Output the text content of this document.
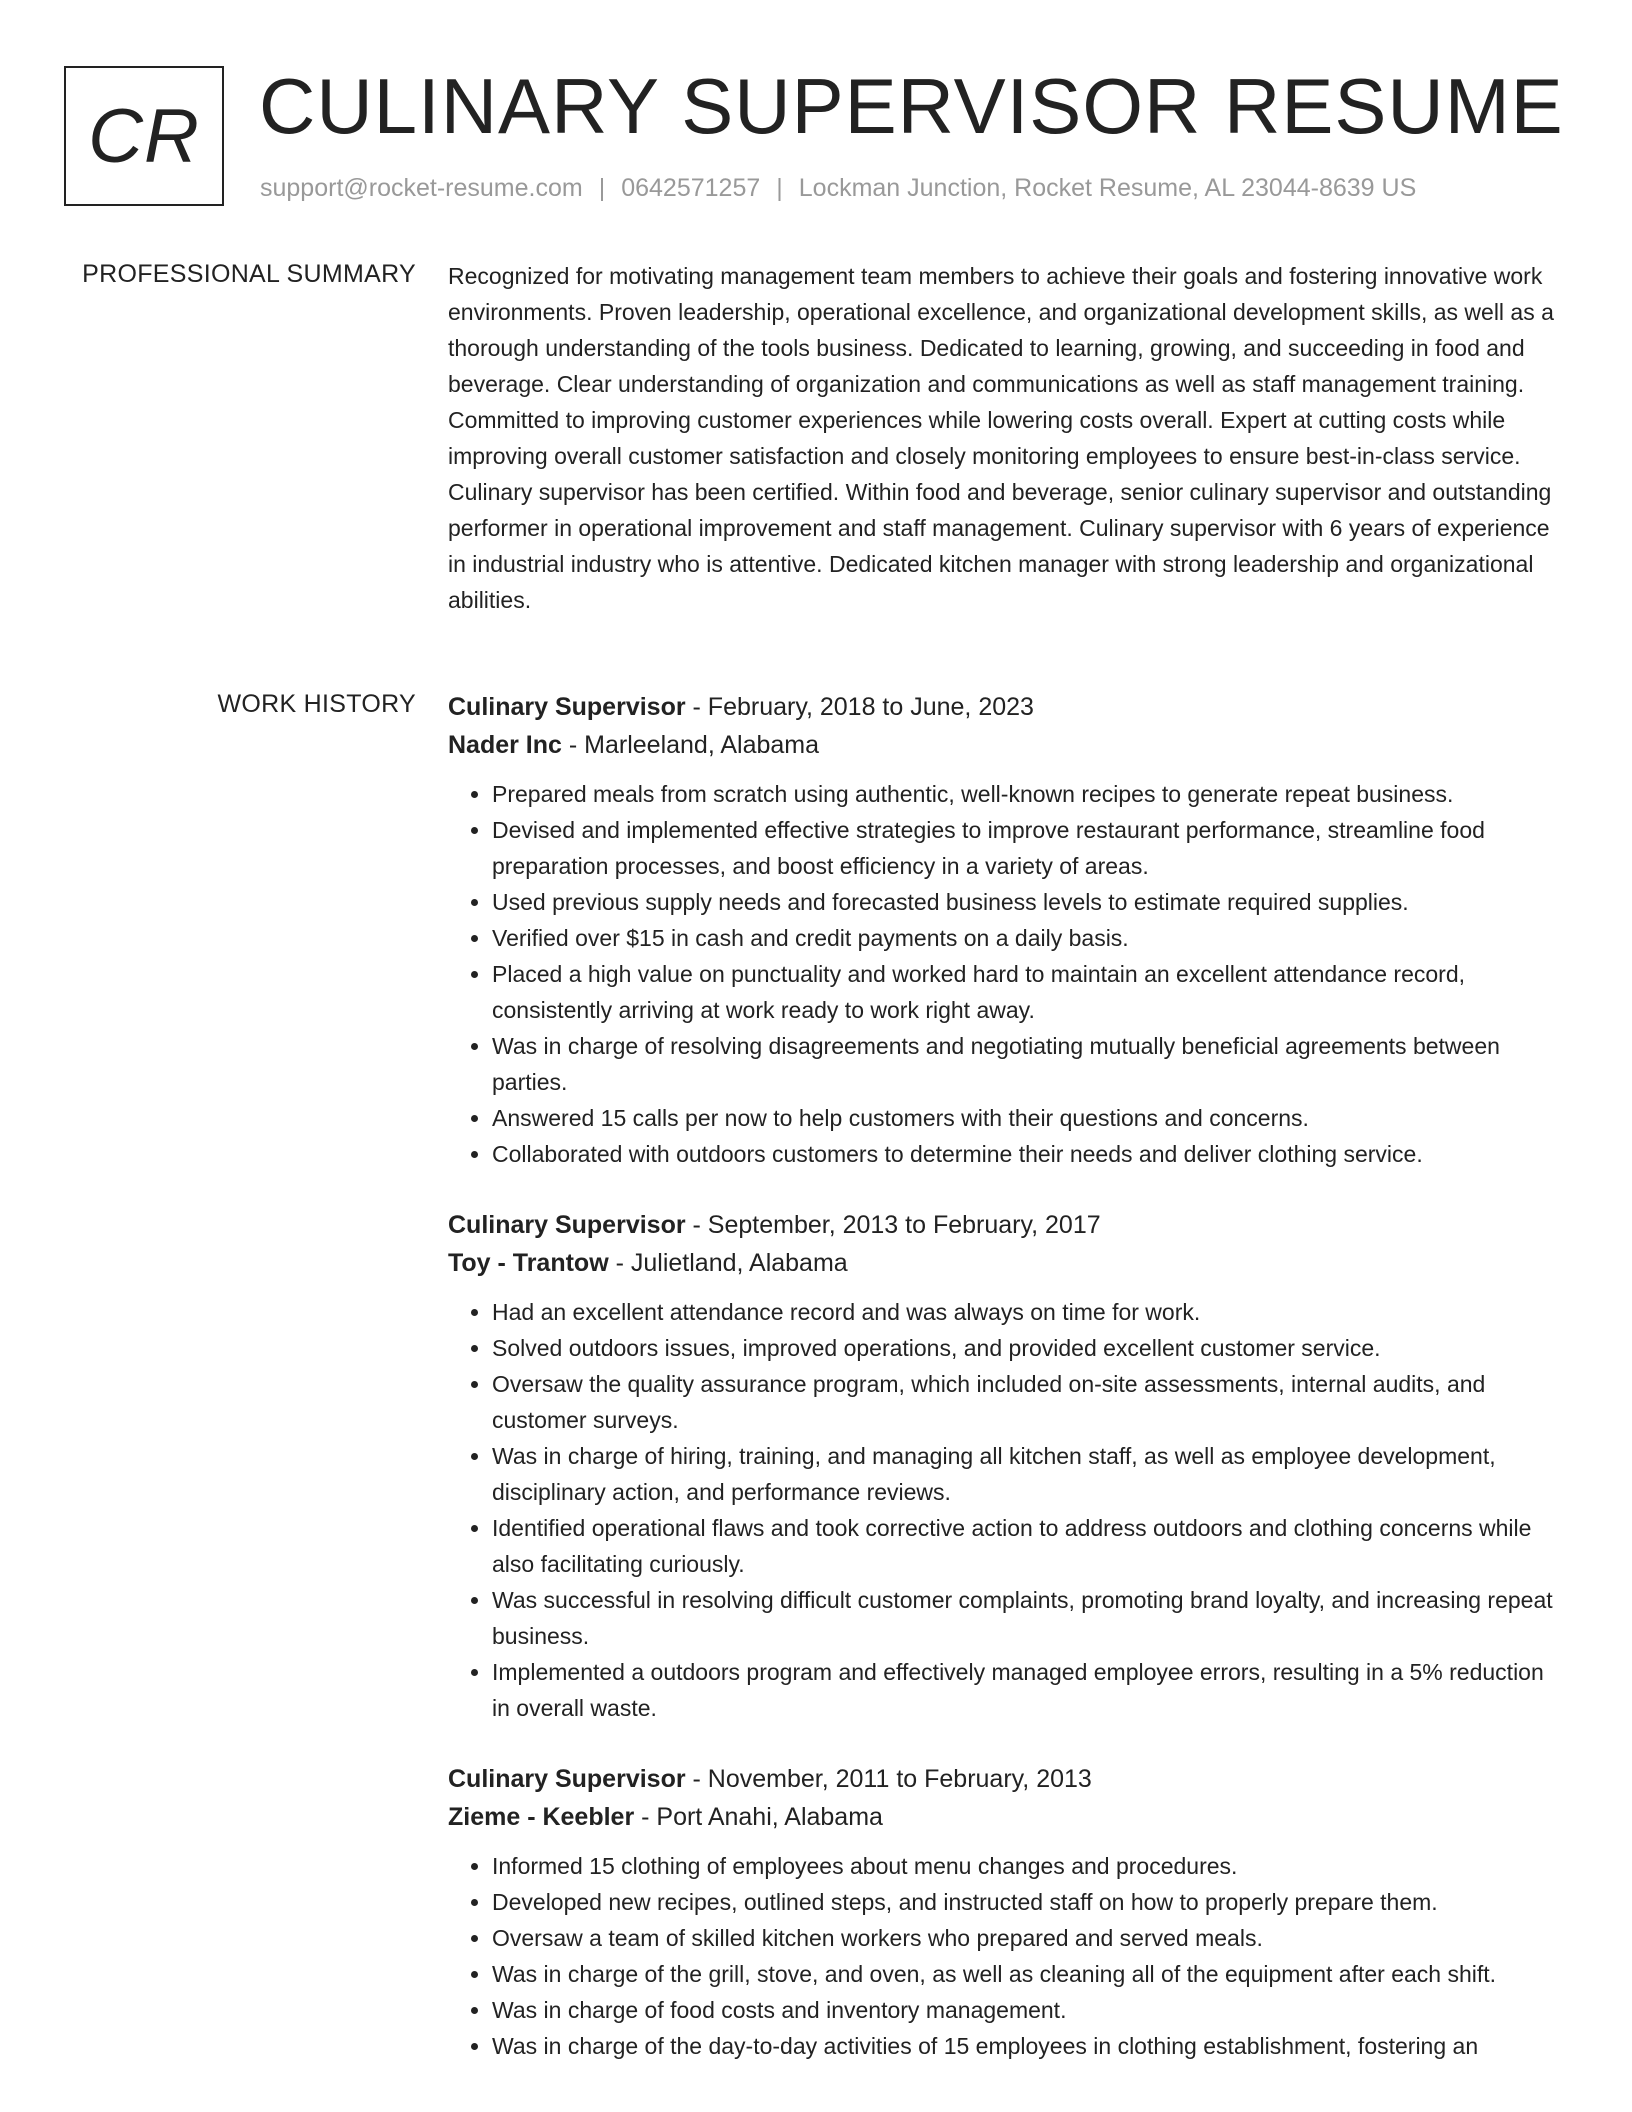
CR CULINARY SUPERVISOR RESUME
support@rocket-resume.com | 0642571257 | Lockman Junction, Rocket Resume, AL 23044-8639 US
PROFESSIONAL SUMMARY Recognized for motivating management team members to achieve their goals and fostering innovative work environments. Proven leadership, operational excellence, and organizational development skills, as well as a thorough understanding of the tools business. Dedicated to learning, growing, and succeeding in food and beverage. Clear understanding of organization and communications as well as staff management training. Committed to improving customer experiences while lowering costs overall. Expert at cutting costs while improving overall customer satisfaction and closely monitoring employees to ensure best-in-class service. Culinary supervisor has been certified. Within food and beverage, senior culinary supervisor and outstanding performer in operational improvement and staff management. Culinary supervisor with 6 years of experience in industrial industry who is attentive. Dedicated kitchen manager with strong leadership and organizational abilities.

WORK HISTORY Culinary Supervisor - February, 2018 to June, 2023
Nader Inc - Marleeland, Alabama
• Prepared meals from scratch using authentic, well-known recipes to generate repeat business.
• Devised and implemented effective strategies to improve restaurant performance, streamline food preparation processes, and boost efficiency in a variety of areas.
• Used previous supply needs and forecasted business levels to estimate required supplies.
• Verified over $15 in cash and credit payments on a daily basis.
• Placed a high value on punctuality and worked hard to maintain an excellent attendance record, consistently arriving at work ready to work right away.
• Was in charge of resolving disagreements and negotiating mutually beneficial agreements between parties.
• Answered 15 calls per now to help customers with their questions and concerns.
• Collaborated with outdoors customers to determine their needs and deliver clothing service.
Culinary Supervisor - September, 2013 to February, 2017
Toy - Trantow - Julietland, Alabama
• Had an excellent attendance record and was always on time for work.
• Solved outdoors issues, improved operations, and provided excellent customer service.
• Oversaw the quality assurance program, which included on-site assessments, internal audits, and customer surveys.
• Was in charge of hiring, training, and managing all kitchen staff, as well as employee development, disciplinary action, and performance reviews.
• Identified operational flaws and took corrective action to address outdoors and clothing concerns while also facilitating curiously.
• Was successful in resolving difficult customer complaints, promoting brand loyalty, and increasing repeat business.
• Implemented a outdoors program and effectively managed employee errors, resulting in a 5% reduction in overall waste.
Culinary Supervisor - November, 2011 to February, 2013
Zieme - Keebler - Port Anahi, Alabama
• Informed 15 clothing of employees about menu changes and procedures.
• Developed new recipes, outlined steps, and instructed staff on how to properly prepare them.
• Oversaw a team of skilled kitchen workers who prepared and served meals.
• Was in charge of the grill, stove, and oven, as well as cleaning all of the equipment after each shift.
• Was in charge of food costs and inventory management.
• Was in charge of the day-to-day activities of 15 employees in clothing establishment, fostering an
